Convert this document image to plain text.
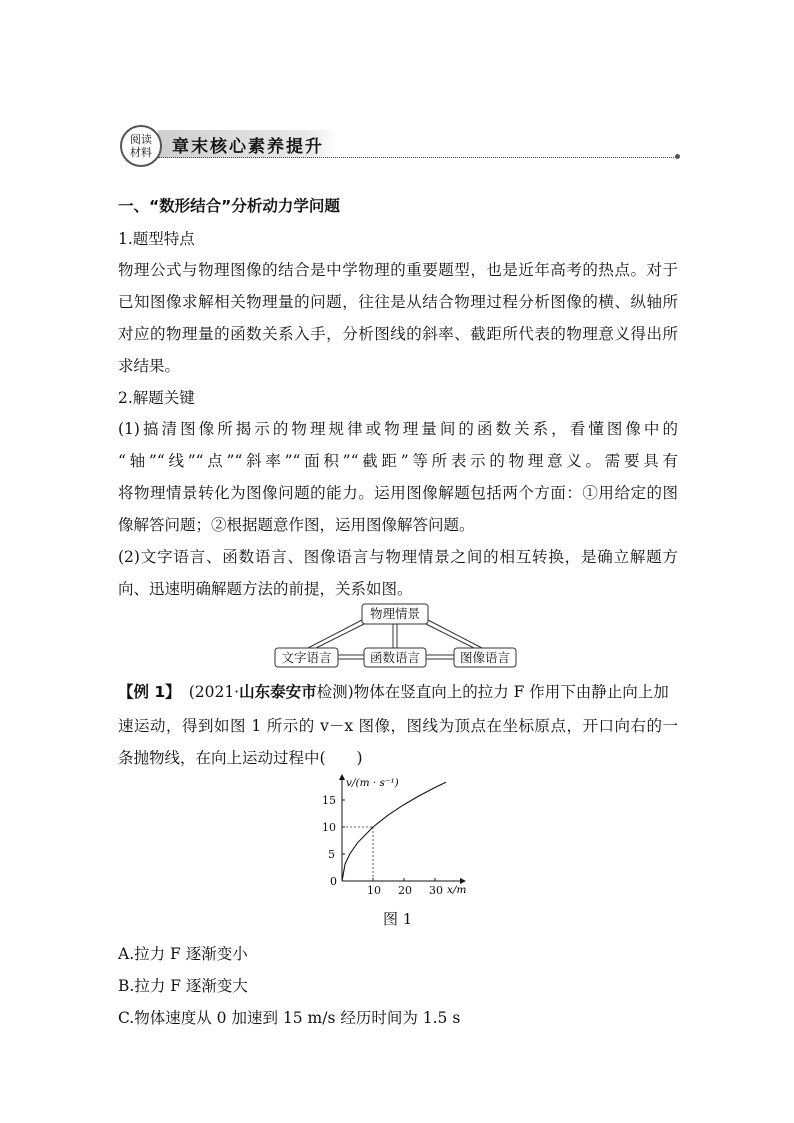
阅读
材料 章末核心素养提升
一、“数形结合”分析动力学问题
1.题型特点
物理公式与物理图像的结合是中学物理的重要题型，也是近年高考的热点。对于
已知图像求解相关物理量的问题，往往是从结合物理过程分析图像的横、纵轴所
对应的物理量的函数关系入手，分析图线的斜率、截距所代表的物理意义得出所
求结果。
2.解题关键
(1)搞清图像所揭示的物理规律或物理量间的函数关系，看懂图像中的
“轴”“线”“点”“斜率”“面积”“截距”等所表示的物理意义。需要具有
将物理情景转化为图像问题的能力。运用图像解题包括两个方面：①用给定的图
像解答问题；②根据题意作图，运用图像解答问题。
(2)文字语言、函数语言、图像语言与物理情景之间的相互转换，是确立解题方
向、迅速明确解题方法的前提，关系如图。
物理情景
文字语言	函数语言	图像语言
【例 1】 (2021·山东泰安市检测)物体在竖直向上的拉力 F 作用下由静止向上加
速运动，得到如图 1 所示的 v－x 图像，图线为顶点在坐标原点，开口向右的一
条抛物线，在向上运动过程中(　　)
10 20 30
5
10
15
v/(m · s⁻¹)
x/m
0
图 1
A.拉力 F 逐渐变小
B.拉力 F 逐渐变大
C.物体速度从 0 加速到 15 m/s 经历时间为 1.5 s
